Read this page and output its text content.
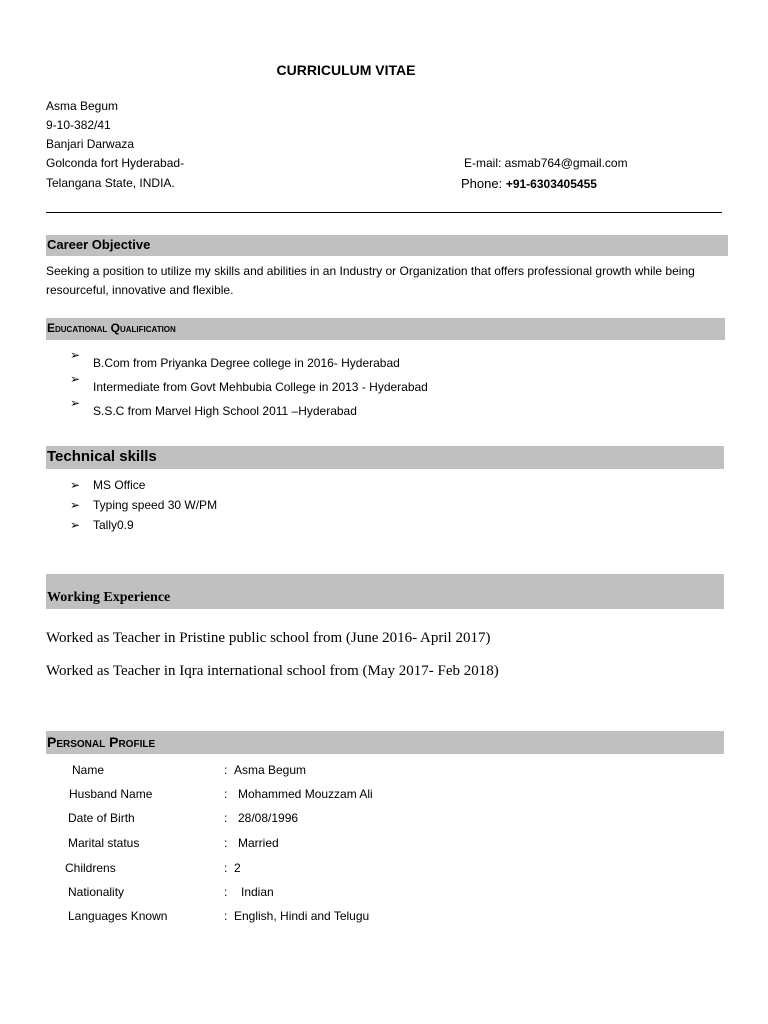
CURRICULUM VITAE
Asma Begum
9-10-382/41
Banjari Darwaza
Golconda fort Hyderabad-
Telangana State, INDIA.
E-mail: asmab764@gmail.com
Phone: +91-6303405455
Career Objective
Seeking a position to utilize my skills and abilities in an Industry or Organization that offers professional growth while being resourceful, innovative and flexible.
Educational Qualification
➢
B.Com from Priyanka Degree college in 2016- Hyderabad
➢
Intermediate from Govt Mehbubia College in 2013 - Hyderabad
➢
S.S.C from Marvel High School 2011 –Hyderabad
Technical skills
➢ MS Office
➢ Typing speed 30 W/PM
➢ Tally0.9
Working Experience
Worked as Teacher in Pristine public school from (June 2016- April 2017)
Worked as Teacher in Iqra international school from (May 2017- Feb 2018)
Personal Profile
Name	: Asma Begum
Husband Name	: Mohammed Mouzzam Ali
Date of Birth	: 28/08/1996
Marital status	: Married
Childrens	: 2
Nationality	: Indian
Languages Known	: English, Hindi and Telugu
